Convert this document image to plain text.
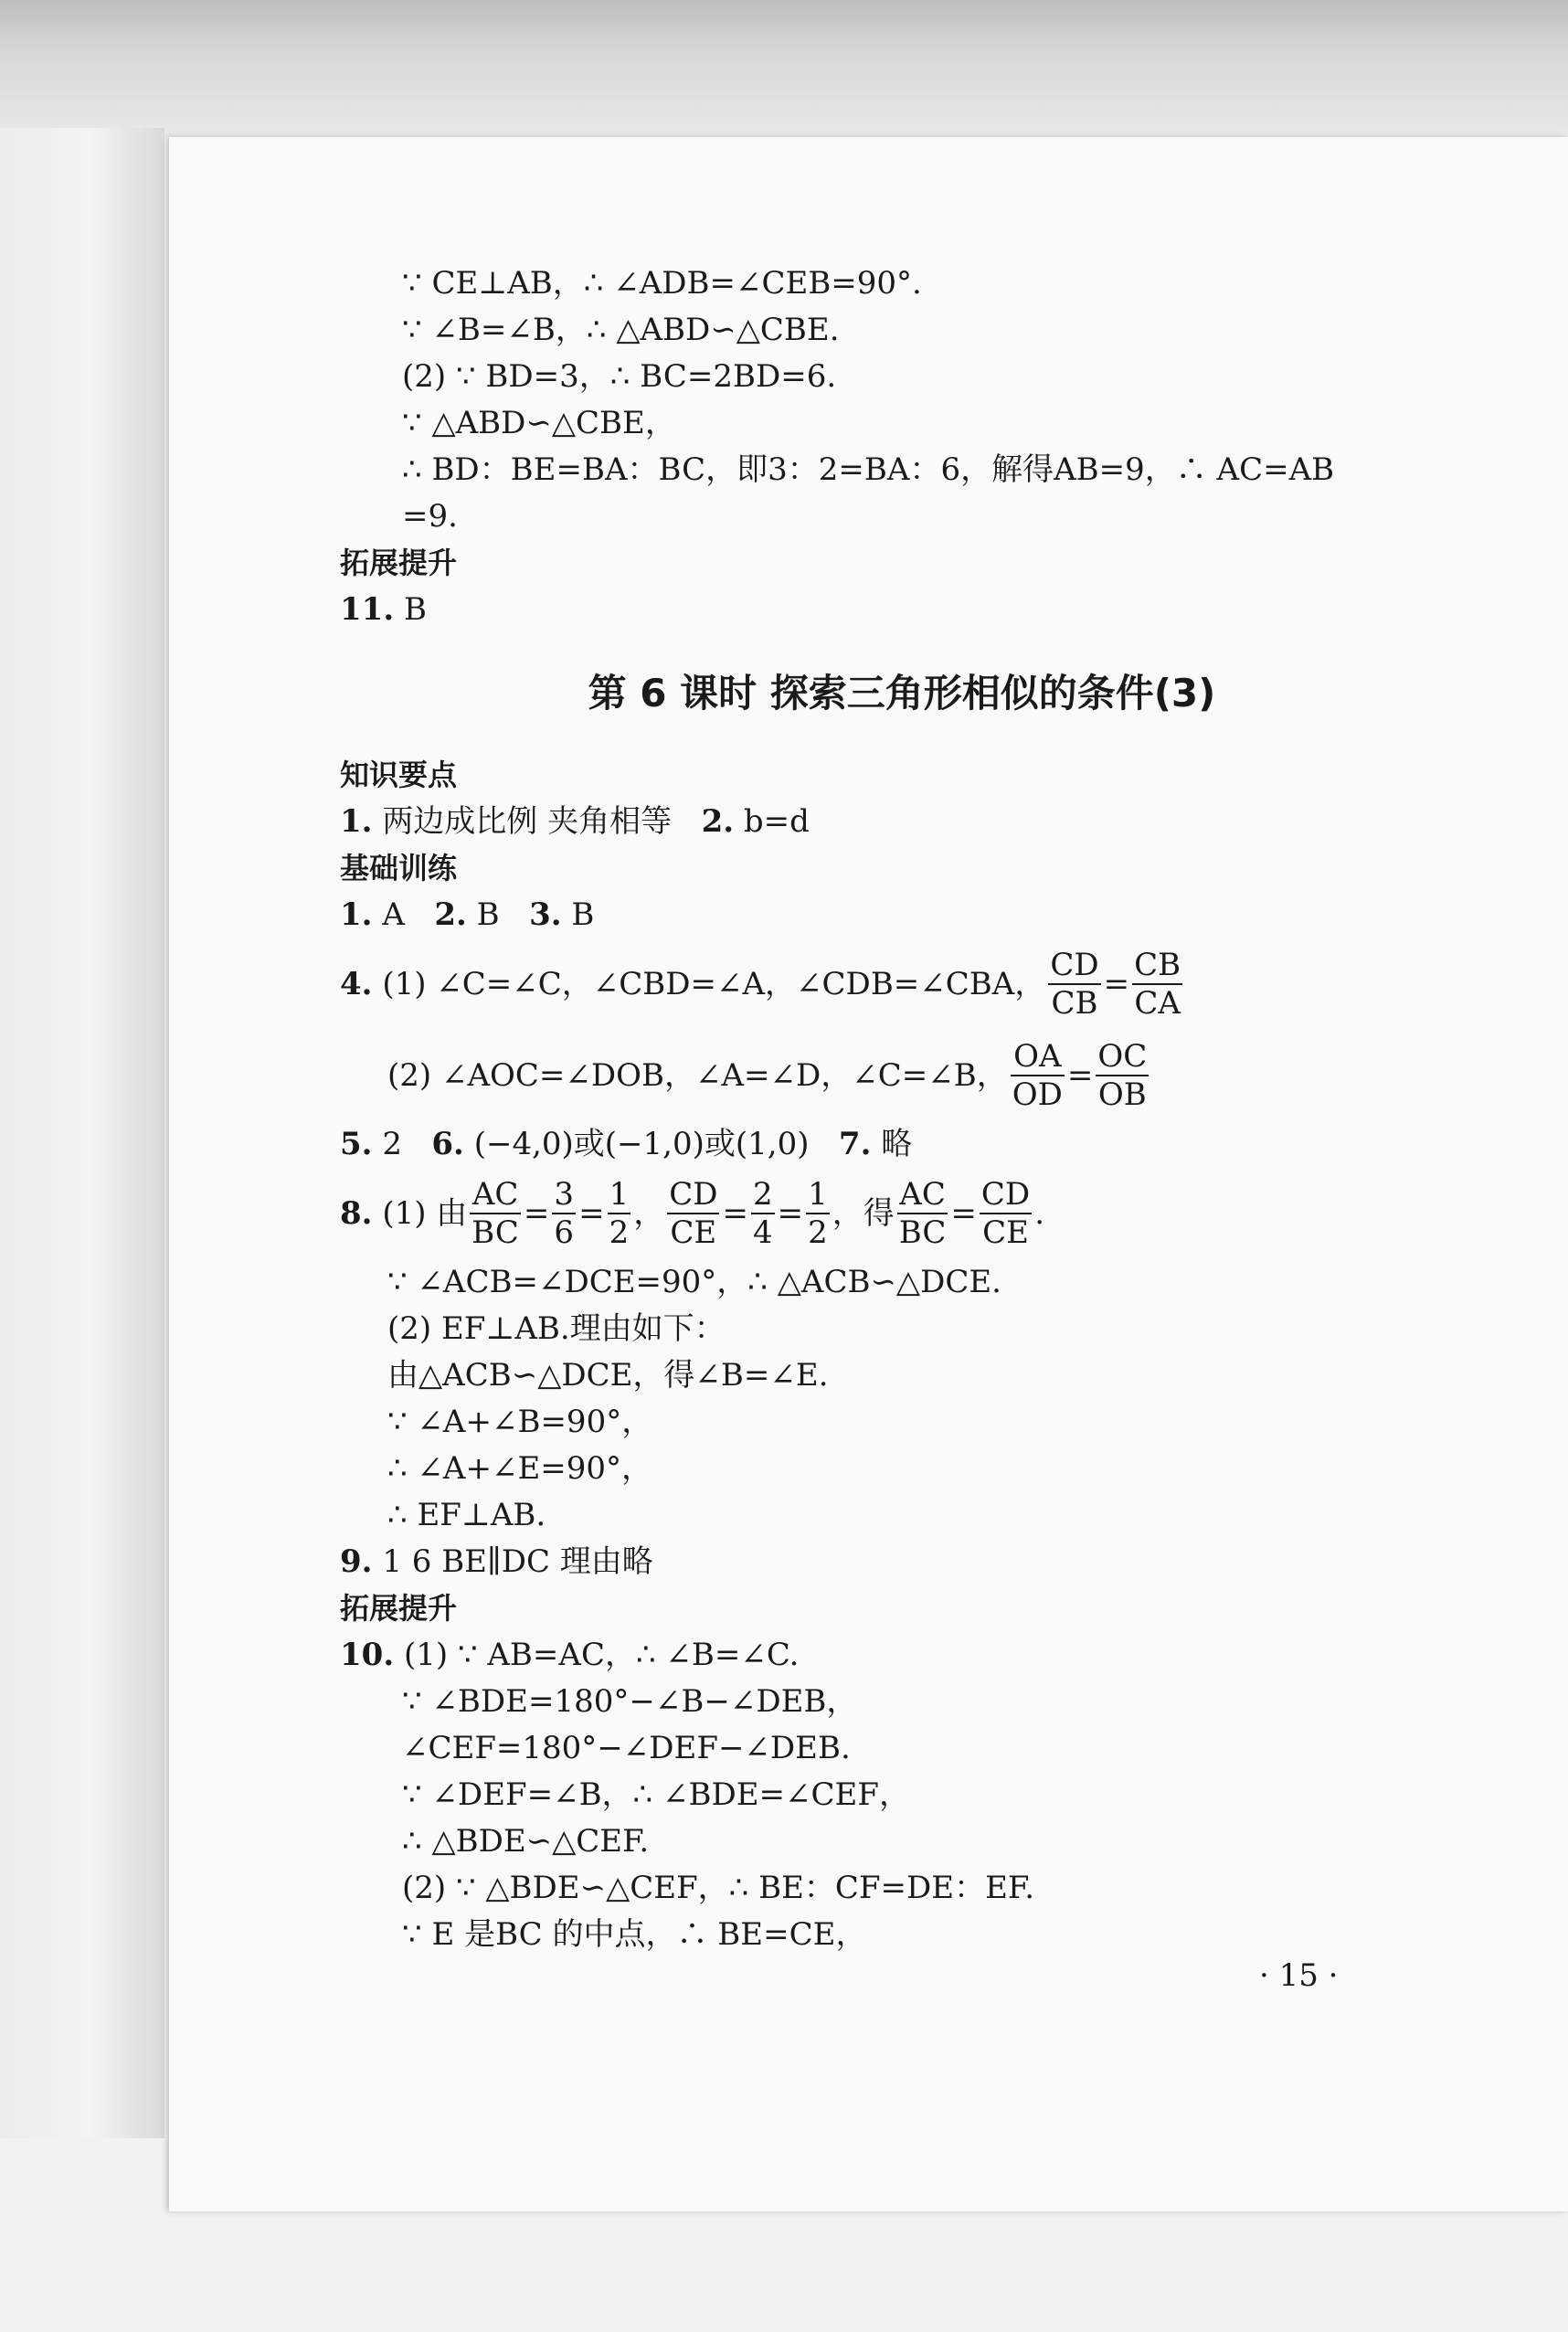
∵ CE⊥AB，∴ ∠ADB=∠CEB=90°.
∵ ∠B=∠B，∴ △ABD∽△CBE.
(2) ∵ BD=3，∴ BC=2BD=6.
∵ △ABD∽△CBE，
∴ BD：BE=BA：BC，即3：2=BA：6，解得AB=9，∴ AC=AB
=9.
拓展提升
11. B
第 6 课时 探索三角形相似的条件(3)
知识要点
1. 两边成比例 夹角相等 2. b=d
基础训练
1. A 2. B 3. B
4.
(1) ∠C=∠C，∠CBD=∠A，∠CDB=∠CBA， $\frac{CD}{CB} = \frac{CB}{CA}$
(2) ∠AOC=∠DOB，∠A=∠D，∠C=∠B， $\frac{OA}{OD} = \frac{OC}{OB}$
5. 2 6. (−4,0)或(−1,0)或(1,0) 7. 略
8.
(1) 由 $\frac{AC}{BC} = \frac{3}{6} = \frac{1}{2}$ ， $\frac{CD}{CE} = \frac{2}{4} = \frac{1}{2}$ ，得 $\frac{AC}{BC} = \frac{CD}{CE}$ .
∵ ∠ACB=∠DCE=90°，∴ △ACB∽△DCE.
(2) EF⊥AB.理由如下：
由△ACB∽△DCE，得∠B=∠E.
∵ ∠A+∠B=90°，
∴ ∠A+∠E=90°，
∴ EF⊥AB.
9. 1 6 BE∥DC 理由略
拓展提升
10. (1) ∵ AB=AC，∴ ∠B=∠C.
∵ ∠BDE=180°−∠B−∠DEB，
∠CEF=180°−∠DEF−∠DEB.
∵ ∠DEF=∠B，∴ ∠BDE=∠CEF，
∴ △BDE∽△CEF.
(2) ∵ △BDE∽△CEF，∴ BE：CF=DE：EF.
∵ E 是BC 的中点，∴ BE=CE，
· 15 ·
